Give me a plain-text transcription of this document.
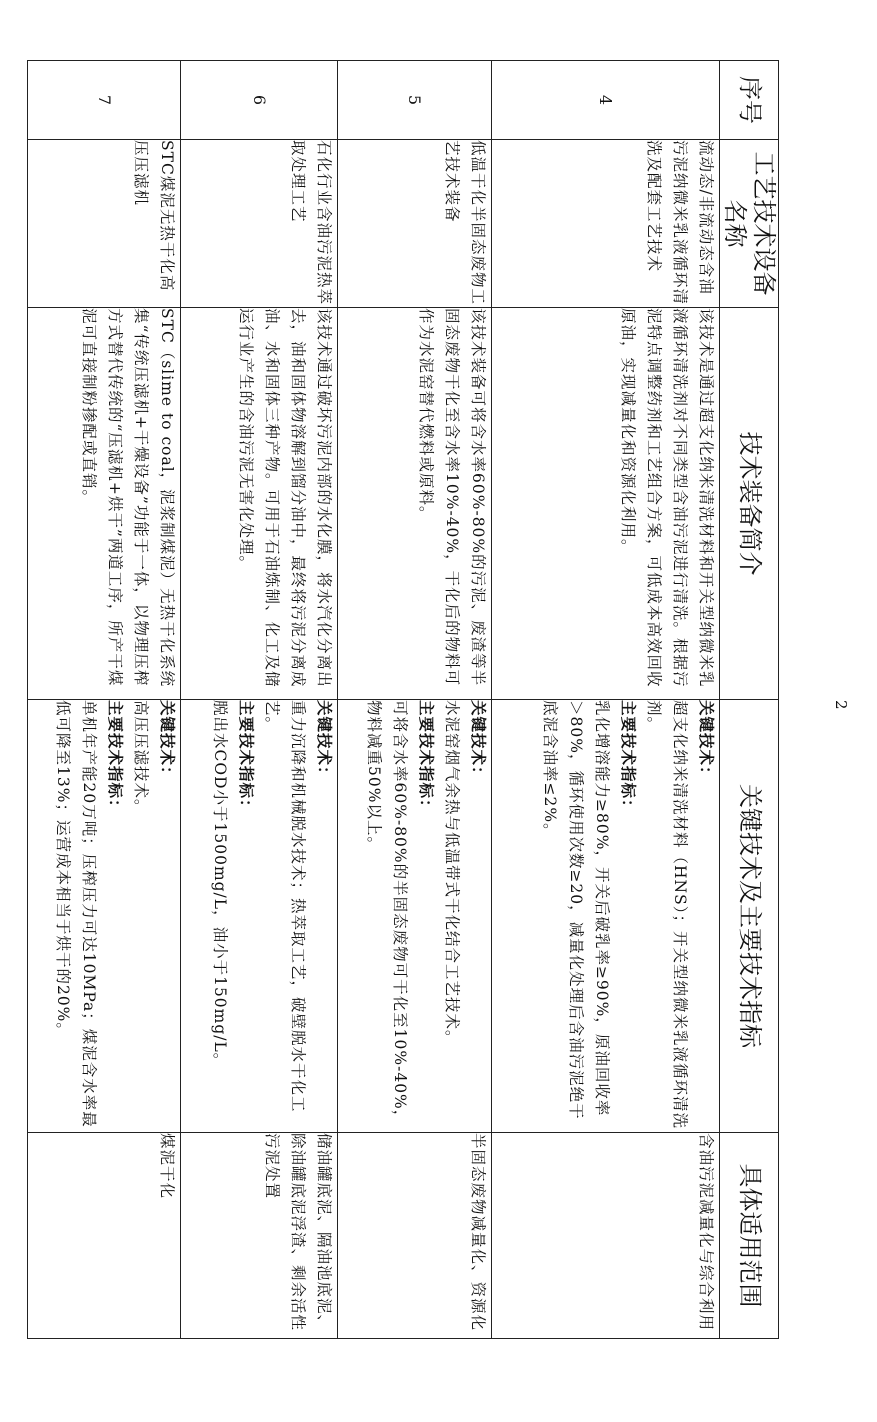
2
序号	工艺技术设备名称	技术装备简介	关键技术及主要技术指标	具体适用范围
4	流动态/非流动态含油污泥纳微米乳液循环清洗及配套工艺技术	该技术是通过超支化纳米清洗材料和开关型纳微米乳液循环清洗剂对不同类型含油污泥进行清洗。根据污泥特点调整药剂和工艺组合方案，可低成本高效回收原油，实现减量化和资源化利用。	关键技术：
超支化纳米清洗材料（HNS）；开关型纳微米乳液循环清洗剂。
主要技术指标：
乳化增溶能力≥80%，开关后破乳率≥90%，原油回收率＞80%，循环使用次数≥20，减量化处理后含油污泥绝干底泥含油率≤2%。	含油污泥减量化与综合利用
5	低温干化半固态废物工艺技术装备	该技术装备可将含水率60%-80%的污泥、废渣等半固态废物干化至含水率10%-40%，干化后的物料可作为水泥窑替代燃料或原料。	关键技术：
水泥窑烟气余热与低温带式干化结合工艺技术。
主要技术指标：
可将含水率60%-80%的半固态废物可干化至10%-40%，物料减重50%以上。	半固态废物减量化、资源化
6	石化行业含油污泥热萃取处理工艺	该技术通过破坏污泥内部的水化膜，将水汽化分离出去，油和固体物溶解到馏分油中，最终将污泥分离成油、水和固体三种产物。可用于石油炼制、化工及储运行业产生的含油污泥无害化处理。	关键技术：
重力沉降和机械脱水技术；热萃取工艺，破壁脱水干化工艺。
主要技术指标：
脱出水COD小于1500mg/L，油小于150mg/L。	储油罐底泥、隔油池底泥、除油罐底泥浮渣、剩余活性污泥处置
7	STC煤泥无热干化高压压滤机	STC（slime to coal，泥浆制煤泥）无热干化系统集“传统压滤机+干燥设备”功能于一体，以物理压榨方式替代传统的“压滤机+烘干”两道工序，所产干煤泥可直接制粉掺配或直销。	关键技术：
高压压滤技术。
主要技术指标：
单机年产能20万吨；压榨压力可达10MPa；煤泥含水率最低可降至13%；运营成本相当于烘干的20%。	煤泥干化
